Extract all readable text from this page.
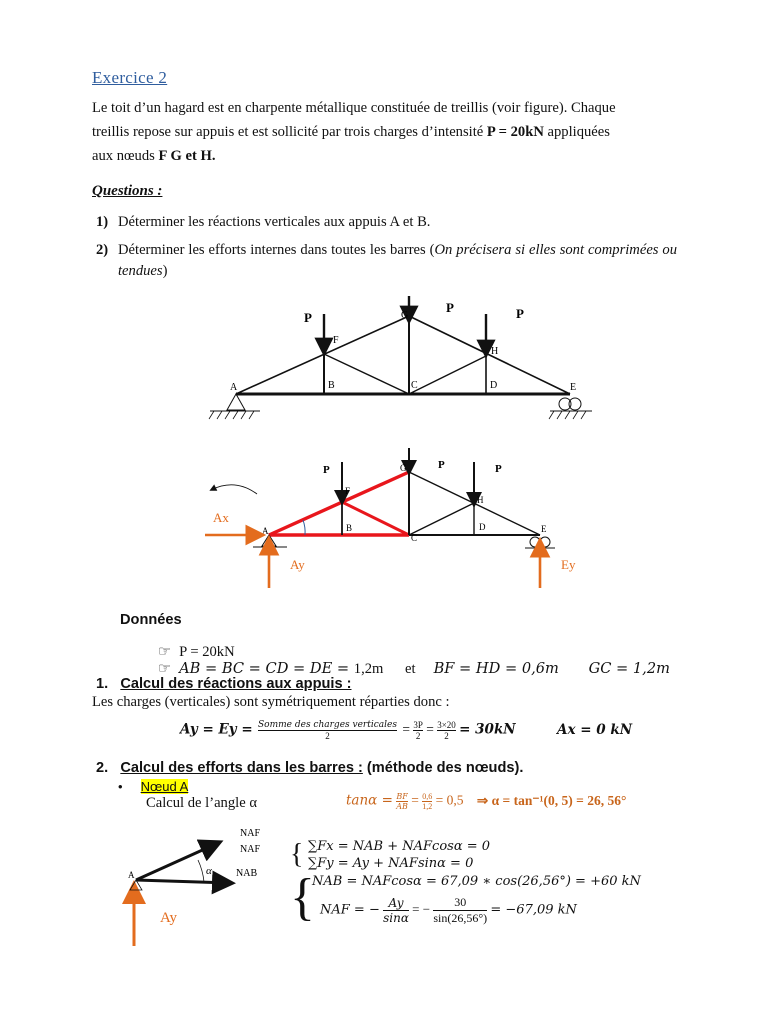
Exercice 2
Le toit d’un hagard est en charpente métallique constituée de treillis (voir figure). Chaque
treillis repose sur appuis et est sollicité par trois charges d’intensité P = 20kN appliquées
aux nœuds F G et H.
Questions :
1) Déterminer les réactions verticales aux appuis A et B.
2) Déterminer les efforts internes dans toutes les barres (On précisera si elles sont comprimées ou tendues)
P
P	P
A	B	C	D	E
F
G
H
P	P	P
A	B
C
D	E
F
G
H
Ax
Ay	Ey
Données
☞ P = 20kN
☞ AB = BC = CD = DE = 1,2m et BF = HD = 0,6m GC = 1,2m
1. Calcul des réactions aux appuis :
Les charges (verticales) sont symétriquement réparties donc :
Ay = Ey = Somme des charges verticales
2	= $\frac{3P}{2} = \frac{3\times 20}{2} = 30kN$	Ax = 0 kN
2. Calcul des efforts dans les barres : (méthode des nœuds).
• Nœud A
Calcul de l’angle α	$\tan\alpha = \frac{BF}{AB} = \frac{0,6}{1,2} = 0,5$ ⇒ α = tan⁻¹(0, 5) = 26, 56°
NAF
NAF
NAB
α
A
Ay
{ ∑Fx = NAB + NAFcosα = 0
∑Fy = Ay + NAFsinα = 0
{
NAB = NAFcosα = 67,09 ∗ cos(26,56°) = +60 kN
NAF = − $\frac{Ay}{\sin\alpha}$ = − $\frac{30}{\sin(26,56^\circ)} = -67,09$ kN
